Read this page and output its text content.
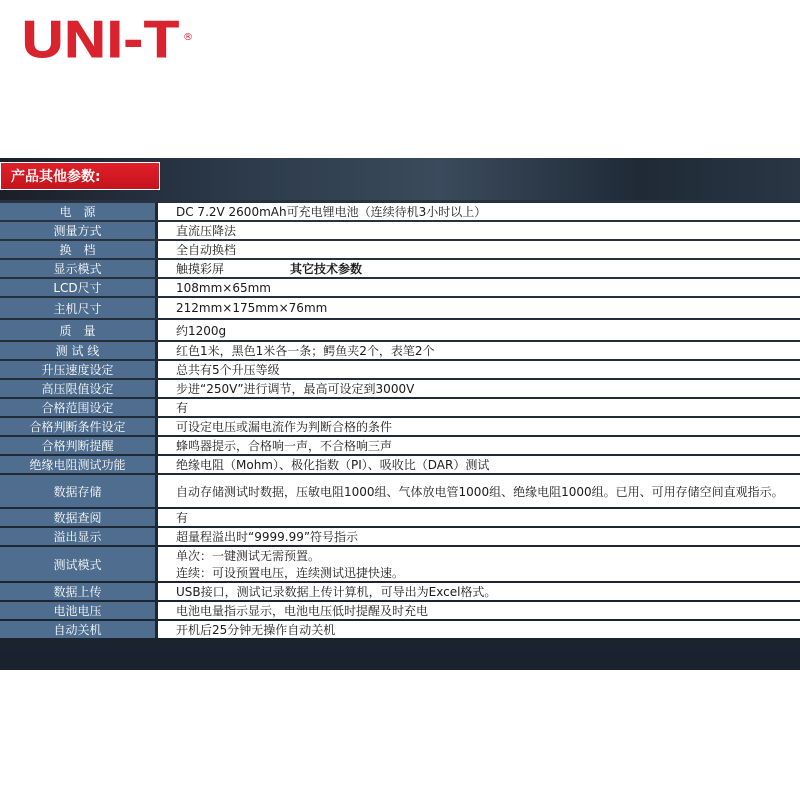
UNI-T ®
产品其他参数:
电　源	DC 7.2V 2600mAh可充电锂电池（连续待机3小时以上）
测量方式	直流压降法
换　档	全自动换档
显示模式	触摸彩屏 其它技术参数
LCD尺寸	108mm×65mm
主机尺寸	212mm×175mm×76mm
质　量	约1200g
测 试 线	红色1米，黑色1米各一条；鳄鱼夹2个，表笔2个
升压速度设定	总共有5个升压等级
高压限值设定	步进“250V”进行调节，最高可设定到3000V
合格范围设定	有
合格判断条件设定	可设定电压或漏电流作为判断合格的条件
合格判断提醒	蜂鸣器提示，合格响一声，不合格响三声
绝缘电阻测试功能	绝缘电阻（Mohm）、极化指数（PI）、吸收比（DAR）测试
数据存储	自动存储测试时数据，压敏电阻1000组、气体放电管1000组、绝缘电阻1000组。已用、可用存储空间直观指示。
数据查阅	有
溢出显示	超量程溢出时“9999.99”符号指示
测试模式	单次：一键测试无需预置。
连续：可设预置电压，连续测试迅捷快速。

数据上传	USB接口，测试记录数据上传计算机，可导出为Excel格式。
电池电压	电池电量指示显示，电池电压低时提醒及时充电
自动关机	开机后25分钟无操作自动关机
